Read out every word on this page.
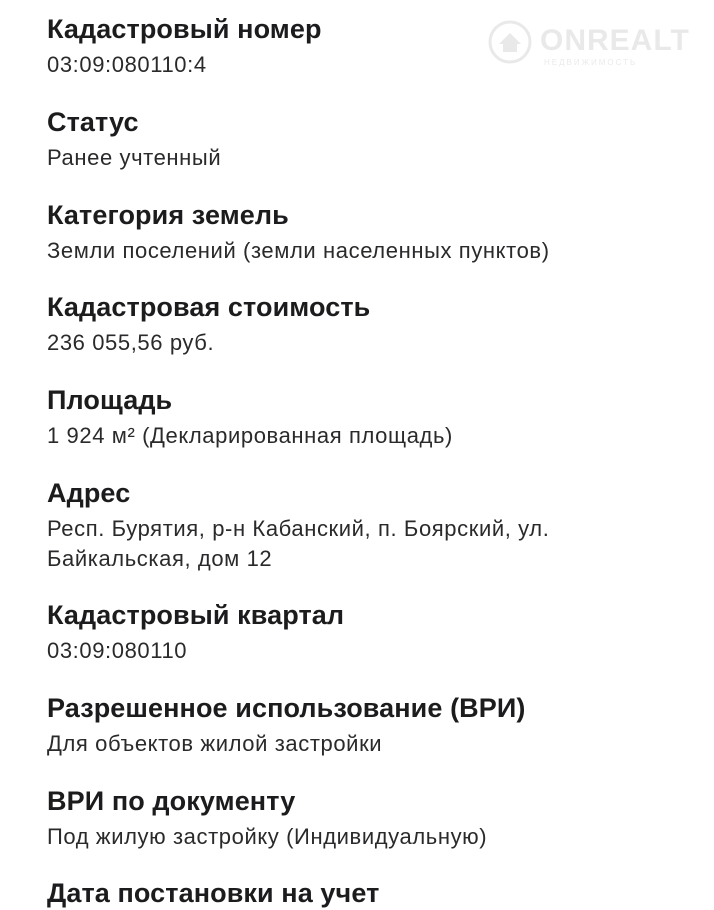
ONREALT
НЕДВИЖИМОСТЬ
Кадастровый номер
03:09:080110:4
Статус
Ранее учтенный
Категория земель
Земли поселений (земли населенных пунктов)
Кадастровая стоимость
236 055,56 руб.
Площадь
1 924 м² (Декларированная площадь)
Адрес
Респ. Бурятия, р-н Кабанский, п. Боярский, ул. Байкальская, дом 12
Кадастровый квартал
03:09:080110
Разрешенное использование (ВРИ)
Для объектов жилой застройки
ВРИ по документу
Под жилую застройку (Индивидуальную)
Дата постановки на учет
